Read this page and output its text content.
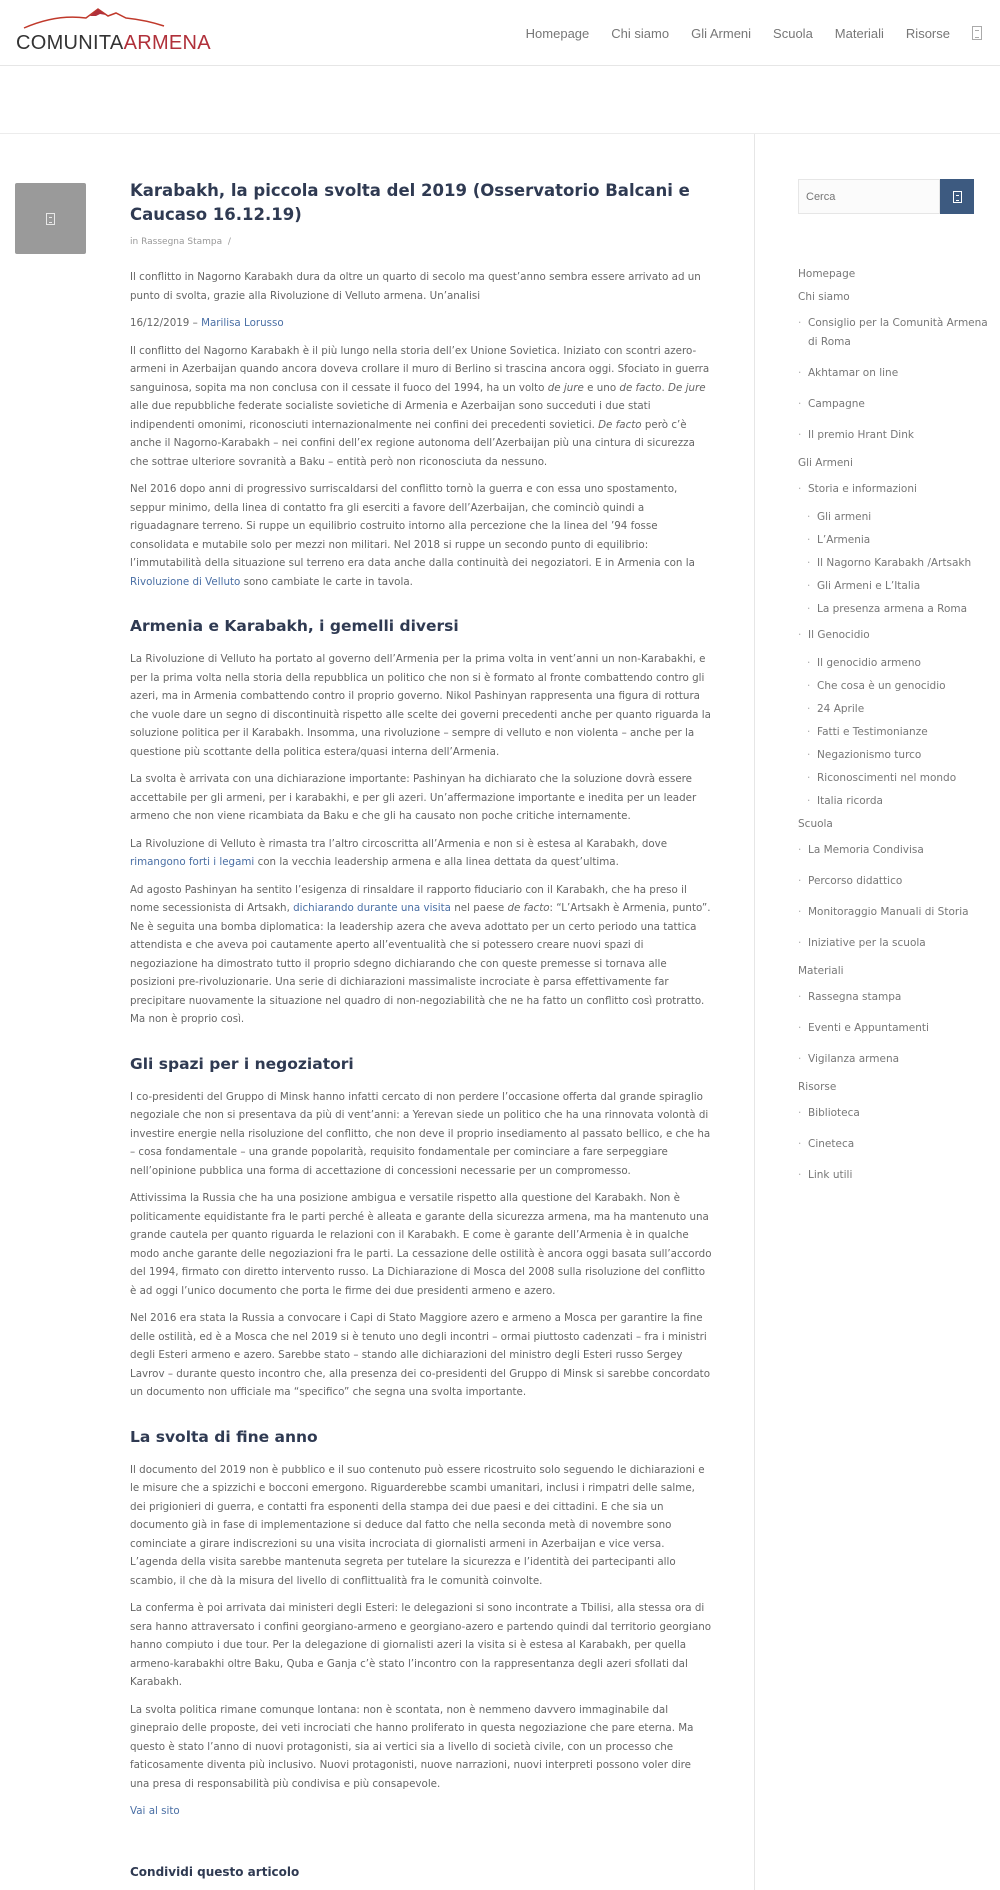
COMUNITAARMENA	Homepage Chi siamo Gli Armeni Scuola Materiali Risorse
Karabakh, la piccola svolta del 2019 (Osservatorio Balcani e Caucaso 16.12.19)
in Rassegna Stampa /

Il conflitto in Nagorno Karabakh dura da oltre un quarto di secolo ma quest’anno sembra essere arrivato ad un punto di svolta, grazie alla Rivoluzione di Velluto armena. Un’analisi

16/12/2019 – Marilisa Lorusso

Il conflitto del Nagorno Karabakh è il più lungo nella storia dell’ex Unione Sovietica. Iniziato con scontri azero-armeni in Azerbaijan quando ancora doveva crollare il muro di Berlino si trascina ancora oggi. Sfociato in guerra sanguinosa, sopita ma non conclusa con il cessate il fuoco del 1994, ha un volto de jure e uno de facto. De jure alle due repubbliche federate socialiste sovietiche di Armenia e Azerbaijan sono succeduti i due stati indipendenti omonimi, riconosciuti internazionalmente nei confini dei precedenti sovietici. De facto però c’è anche il Nagorno-Karabakh – nei confini dell’ex regione autonoma dell’Azerbaijan più una cintura di sicurezza che sottrae ulteriore sovranità a Baku – entità però non riconosciuta da nessuno.

Nel 2016 dopo anni di progressivo surriscaldarsi del conflitto tornò la guerra e con essa uno spostamento, seppur minimo, della linea di contatto fra gli eserciti a favore dell’Azerbaijan, che cominciò quindi a riguadagnare terreno. Si ruppe un equilibrio costruito intorno alla percezione che la linea del ’94 fosse consolidata e mutabile solo per mezzi non militari. Nel 2018 si ruppe un secondo punto di equilibrio: l’immutabilità della situazione sul terreno era data anche dalla continuità dei negoziatori. E in Armenia con la Rivoluzione di Velluto sono cambiate le carte in tavola.

Armenia e Karabakh, i gemelli diversi

La Rivoluzione di Velluto ha portato al governo dell’Armenia per la prima volta in vent’anni un non-Karabakhi, e per la prima volta nella storia della repubblica un politico che non si è formato al fronte combattendo contro gli azeri, ma in Armenia combattendo contro il proprio governo. Nikol Pashinyan rappresenta una figura di rottura che vuole dare un segno di discontinuità rispetto alle scelte dei governi precedenti anche per quanto riguarda la soluzione politica per il Karabakh. Insomma, una rivoluzione – sempre di velluto e non violenta – anche per la questione più scottante della politica estera/quasi interna dell’Armenia.

La svolta è arrivata con una dichiarazione importante: Pashinyan ha dichiarato che la soluzione dovrà essere accettabile per gli armeni, per i karabakhi, e per gli azeri. Un’affermazione importante e inedita per un leader armeno che non viene ricambiata da Baku e che gli ha causato non poche critiche internamente.

La Rivoluzione di Velluto è rimasta tra l’altro circoscritta all’Armenia e non si è estesa al Karabakh, dove rimangono forti i legami con la vecchia leadership armena e alla linea dettata da quest’ultima.

Ad agosto Pashinyan ha sentito l’esigenza di rinsaldare il rapporto fiduciario con il Karabakh, che ha preso il nome secessionista di Artsakh, dichiarando durante una visita nel paese de facto: “L’Artsakh è Armenia, punto”. Ne è seguita una bomba diplomatica: la leadership azera che aveva adottato per un certo periodo una tattica attendista e che aveva poi cautamente aperto all’eventualità che si potessero creare nuovi spazi di negoziazione ha dimostrato tutto il proprio sdegno dichiarando che con queste premesse si tornava alle posizioni pre-rivoluzionarie. Una serie di dichiarazioni massimaliste incrociate è parsa effettivamente far precipitare nuovamente la situazione nel quadro di non-negoziabilità che ne ha fatto un conflitto così protratto. Ma non è proprio così.

Gli spazi per i negoziatori

I co-presidenti del Gruppo di Minsk hanno infatti cercato di non perdere l’occasione offerta dal grande spiraglio negoziale che non si presentava da più di vent’anni: a Yerevan siede un politico che ha una rinnovata volontà di investire energie nella risoluzione del conflitto, che non deve il proprio insediamento al passato bellico, e che ha – cosa fondamentale – una grande popolarità, requisito fondamentale per cominciare a fare serpeggiare nell’opinione pubblica una forma di accettazione di concessioni necessarie per un compromesso.

Attivissima la Russia che ha una posizione ambigua e versatile rispetto alla questione del Karabakh. Non è politicamente equidistante fra le parti perché è alleata e garante della sicurezza armena, ma ha mantenuto una grande cautela per quanto riguarda le relazioni con il Karabakh. E come è garante dell’Armenia è in qualche modo anche garante delle negoziazioni fra le parti. La cessazione delle ostilità è ancora oggi basata sull’accordo del 1994, firmato con diretto intervento russo. La Dichiarazione di Mosca del 2008 sulla risoluzione del conflitto è ad oggi l’unico documento che porta le firme dei due presidenti armeno e azero.

Nel 2016 era stata la Russia a convocare i Capi di Stato Maggiore azero e armeno a Mosca per garantire la fine delle ostilità, ed è a Mosca che nel 2019 si è tenuto uno degli incontri – ormai piuttosto cadenzati – fra i ministri degli Esteri armeno e azero. Sarebbe stato – stando alle dichiarazioni del ministro degli Esteri russo Sergey Lavrov – durante questo incontro che, alla presenza dei co-presidenti del Gruppo di Minsk si sarebbe concordato un documento non ufficiale ma “specifico” che segna una svolta importante.

La svolta di fine anno

Il documento del 2019 non è pubblico e il suo contenuto può essere ricostruito solo seguendo le dichiarazioni e le misure che a spizzichi e bocconi emergono. Riguarderebbe scambi umanitari, inclusi i rimpatri delle salme, dei prigionieri di guerra, e contatti fra esponenti della stampa dei due paesi e dei cittadini. E che sia un documento già in fase di implementazione si deduce dal fatto che nella seconda metà di novembre sono cominciate a girare indiscrezioni su una visita incrociata di giornalisti armeni in Azerbaijan e vice versa. L’agenda della visita sarebbe mantenuta segreta per tutelare la sicurezza e l’identità dei partecipanti allo scambio, il che dà la misura del livello di conflittualità fra le comunità coinvolte.

La conferma è poi arrivata dai ministeri degli Esteri: le delegazioni si sono incontrate a Tbilisi, alla stessa ora di sera hanno attraversato i confini georgiano-armeno e georgiano-azero e partendo quindi dal territorio georgiano hanno compiuto i due tour. Per la delegazione di giornalisti azeri la visita si è estesa al Karabakh, per quella armeno-karabakhi oltre Baku, Quba e Ganja c’è stato l’incontro con la rappresentanza degli azeri sfollati dal Karabakh.

La svolta politica rimane comunque lontana: non è scontata, non è nemmeno davvero immaginabile dal ginepraio delle proposte, dei veti incrociati che hanno proliferato in questa negoziazione che pare eterna. Ma questo è stato l’anno di nuovi protagonisti, sia ai vertici sia a livello di società civile, con un processo che faticosamente diventa più inclusivo. Nuovi protagonisti, nuove narrazioni, nuovi interpreti possono voler dire una presa di responsabilità più condivisa e più consapevole.

Vai al sito

Condividi questo articolo
Cerca
Homepage
Chi siamo
· Consiglio per la Comunità Armena di Roma
· Akhtamar on line
· Campagne
· Il premio Hrant Dink
Gli Armeni
· Storia e informazioni
· Gli armeni
· L’Armenia
· Il Nagorno Karabakh /Artsakh
· Gli Armeni e L’Italia
· La presenza armena a Roma
· Il Genocidio
· Il genocidio armeno
· Che cosa è un genocidio
· 24 Aprile
· Fatti e Testimonianze
· Negazionismo turco
· Riconoscimenti nel mondo
· Italia ricorda
Scuola
· La Memoria Condivisa
· Percorso didattico
· Monitoraggio Manuali di Storia
· Iniziative per la scuola
Materiali
· Rassegna stampa
· Eventi e Appuntamenti
· Vigilanza armena
Risorse
· Biblioteca
· Cineteca
· Link utili
